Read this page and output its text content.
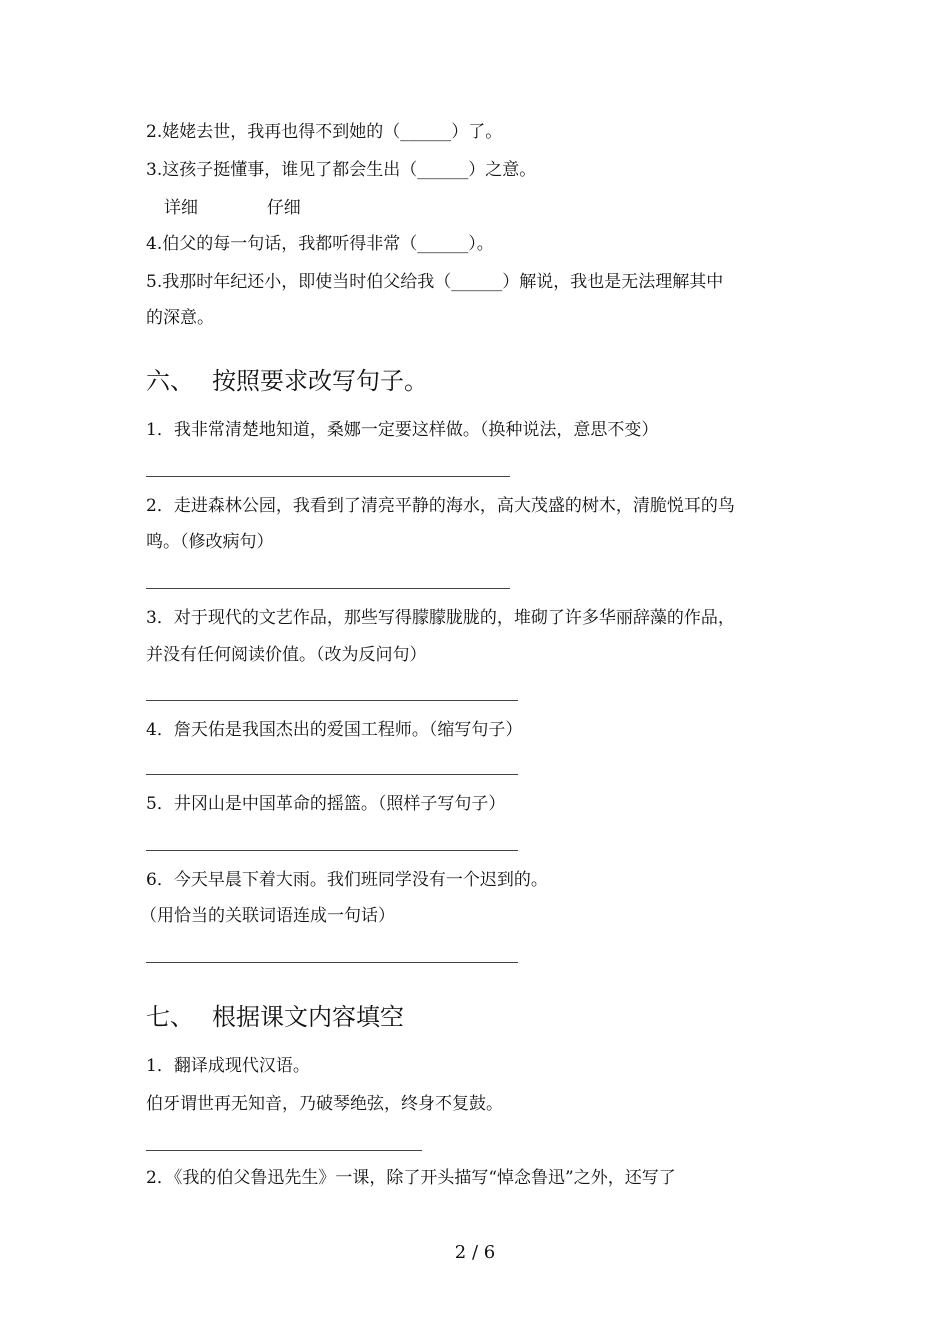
2.姥姥去世，我再也得不到她的（______）了。
3.这孩子挺懂事，谁见了都会生出（______）之意。
详细	仔细
4.伯父的每一句话，我都听得非常（______）。
5.我那时年纪还小，即使当时伯父给我（______）解说，我也是无法理解其中
的深意。
六、 按照要求改写句子。
1．我非常清楚地知道，桑娜一定要这样做。（换种说法，意思不变）
2．走进森林公园，我看到了清亮平静的海水，高大茂盛的树木，清脆悦耳的鸟
鸣。（修改病句）
3．对于现代的文艺作品，那些写得朦朦胧胧的，堆砌了许多华丽辞藻的作品，
并没有任何阅读价值。（改为反问句）
4．詹天佑是我国杰出的爱国工程师。（缩写句子）
5．井冈山是中国革命的摇篮。（照样子写句子）
6．今天早晨下着大雨。我们班同学没有一个迟到的。
（用恰当的关联词语连成一句话）
七、 根据课文内容填空
1．翻译成现代汉语。
伯牙谓世再无知音，乃破琴绝弦，终身不复鼓。
2．《我的伯父鲁迅先生》一课，除了开头描写“悼念鲁迅”之外，还写了
2 / 6
